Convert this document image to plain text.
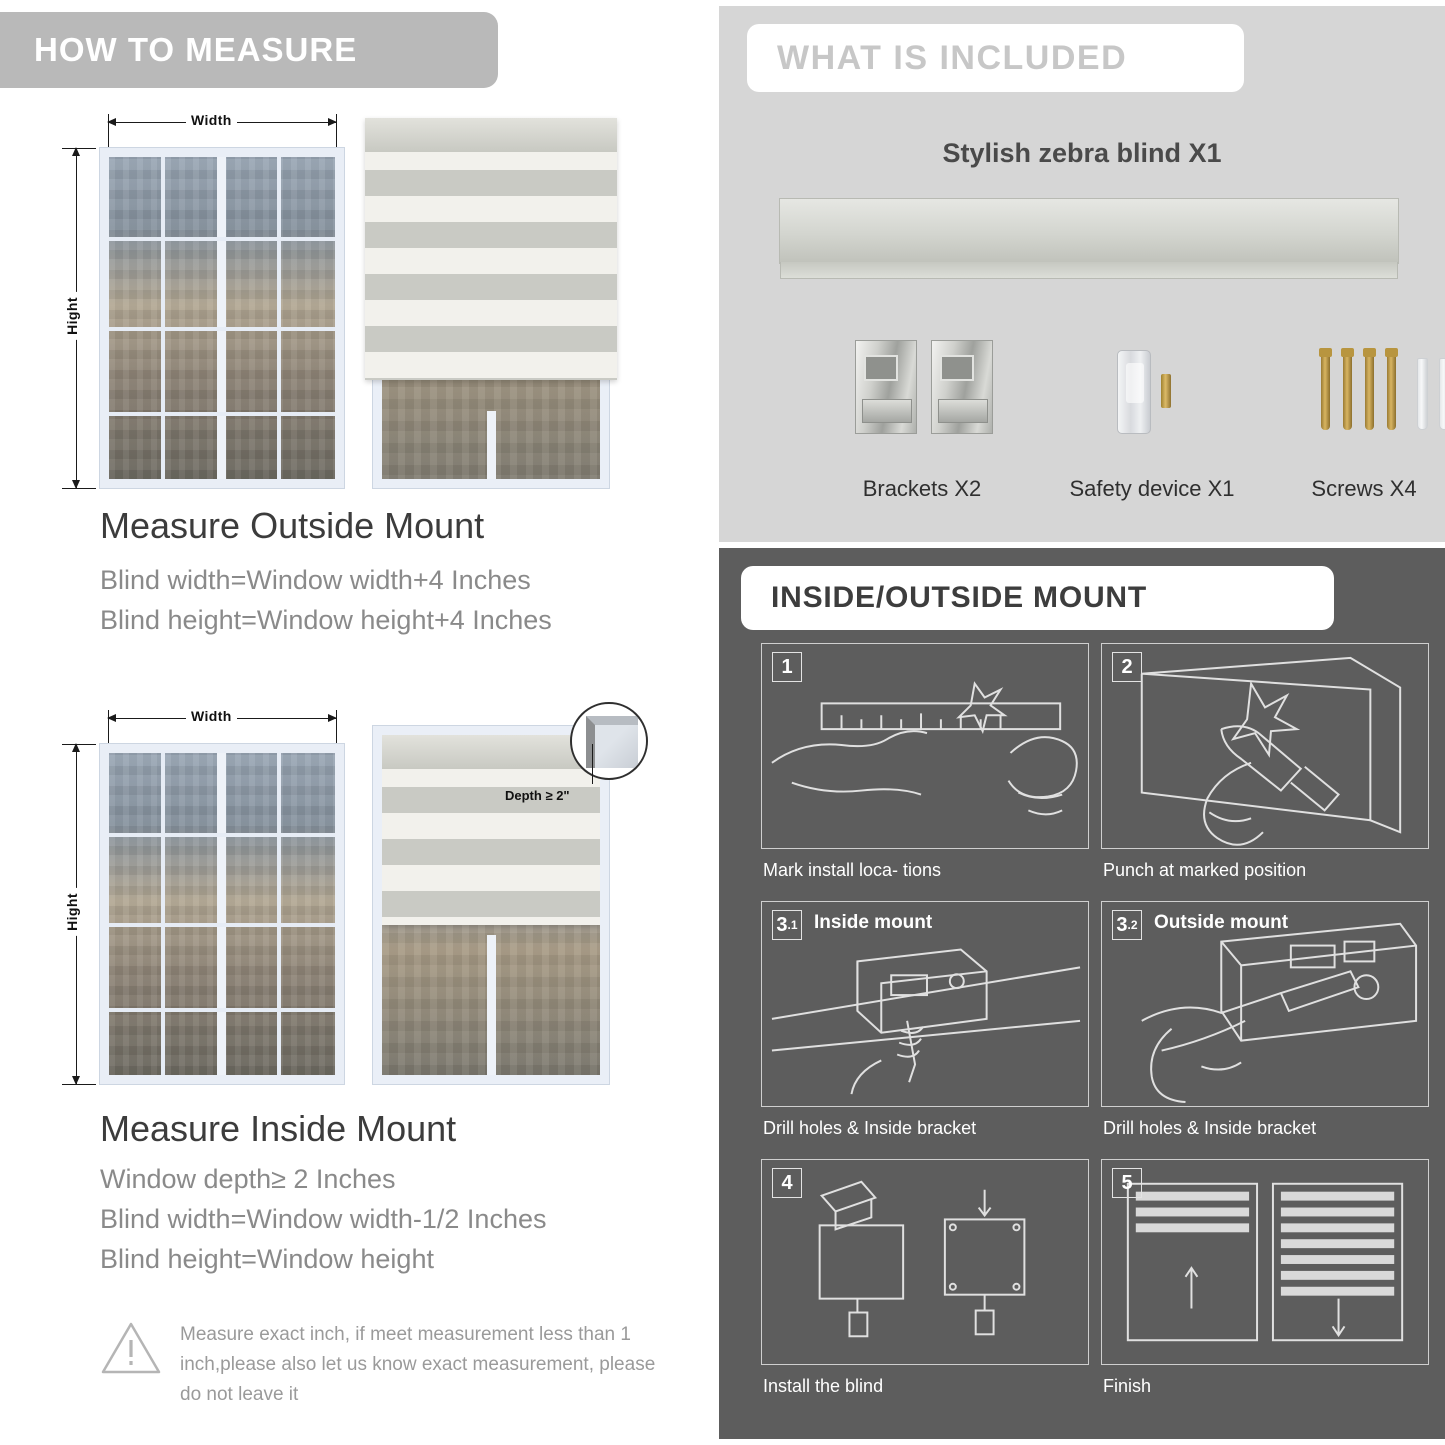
HOW TO MEASURE
Width
Hight
Measure Outside Mount
Blind width=Window width+4 Inches
Blind height=Window height+4 Inches
Width
Hight
Depth ≥ 2"
Measure Inside Mount
Window depth≥ 2 Inches
Blind width=Window width-1/2 Inches
Blind height=Window height
Measure exact inch, if meet measurement less than 1 inch,please also let us know exact measurement, please do not leave it
WHAT IS INCLUDED
Stylish zebra blind X1
Brackets X2	Safety device X1	Screws X4
INSIDE/OUTSIDE MOUNT
1
Mark install loca- tions
2
Punch at marked position
3 .1 Inside mount
Drill holes & Inside bracket
3 .2 Outside mount
Drill holes & Inside bracket
4
Install the blind
5
Finish
